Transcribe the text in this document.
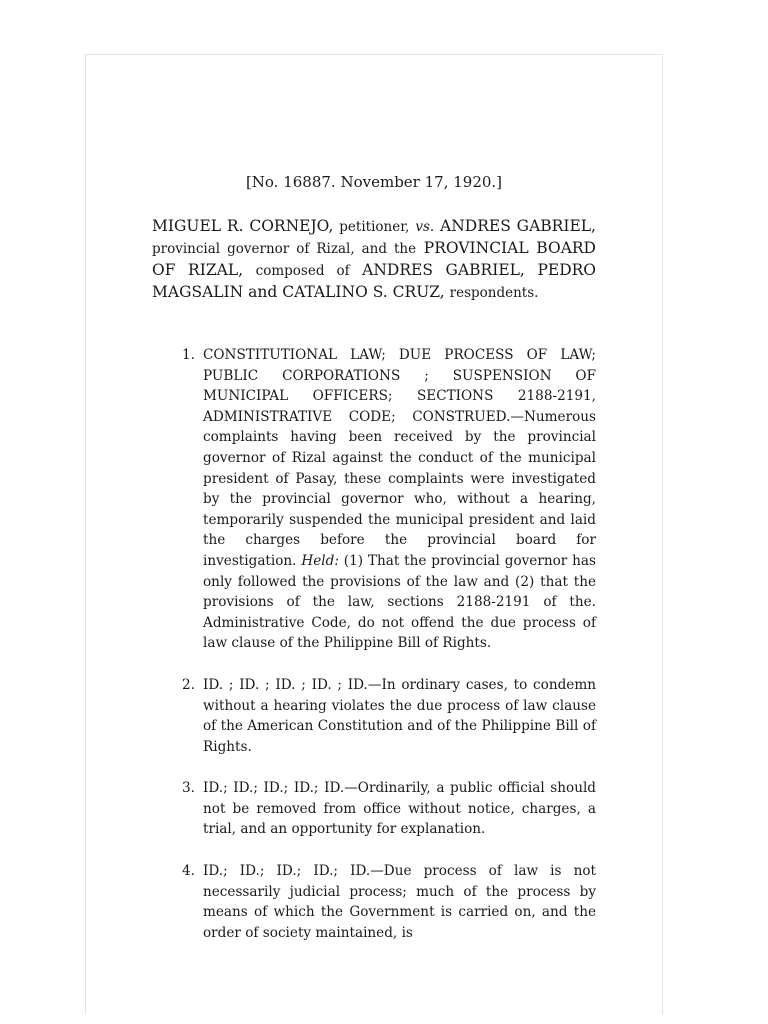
[No. 16887. November 17, 1920.]
MIGUEL R. CORNEJO, petitioner, vs. ANDRES GABRIEL, provincial governor of Rizal, and the PROVINCIAL BOARD OF RIZAL, composed of ANDRES GABRIEL, PEDRO MAGSALIN and CATALINO S. CRUZ, respondents.
1. CONSTITUTIONAL LAW; DUE PROCESS OF LAW; PUBLIC CORPORATIONS ; SUSPENSION OF MUNICIPAL OFFICERS; SECTIONS 2188-2191, ADMINISTRATIVE CODE; CONSTRUED.—Numerous complaints having been received by the provincial governor of Rizal against the conduct of the municipal president of Pasay, these complaints were investigated by the provincial governor who, without a hearing, temporarily suspended the municipal president and laid the charges before the provincial board for investigation. Held: (1) That the provincial governor has only followed the provisions of the law and (2) that the provisions of the law, sections 2188-2191 of the. Administrative Code, do not offend the due process of law clause of the Philippine Bill of Rights.
2. ID. ; ID. ; ID. ; ID. ; ID.—In ordinary cases, to condemn without a hearing violates the due process of law clause of the American Constitution and of the Philippine Bill of Rights.
3. ID.; ID.; ID.; ID.; ID.—Ordinarily, a public official should not be removed from office without notice, charges, a trial, and an opportunity for explanation.
4. ID.; ID.; ID.; ID.; ID.—Due process of law is not necessarily judicial process; much of the process by means of which the Government is carried on, and the order of society maintained, is
